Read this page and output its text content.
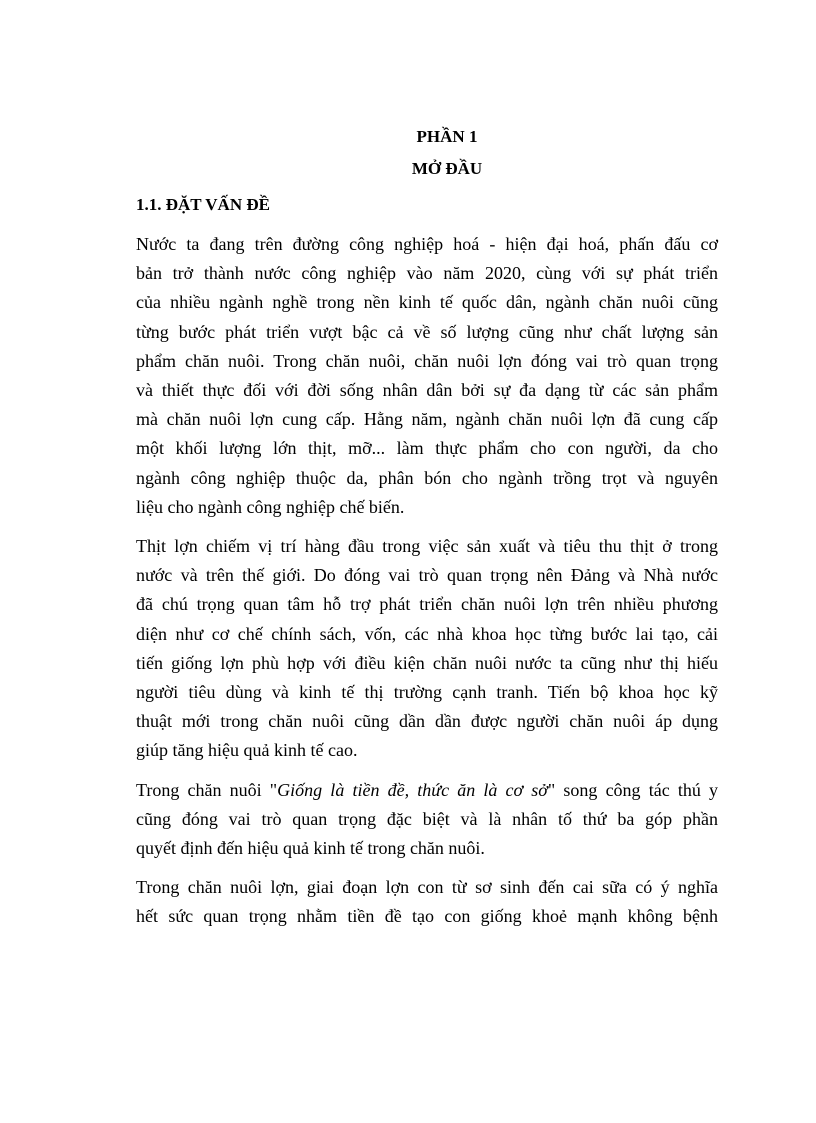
PHẦN 1
MỞ ĐẦU
1.1. ĐẶT VẤN ĐỀ
Nước ta đang trên đường công nghiệp hoá - hiện đại hoá, phấn đấu cơ
bản trở thành nước công nghiệp vào năm 2020, cùng với sự phát triển
của nhiều ngành nghề trong nền kinh tế quốc dân, ngành chăn nuôi cũng
từng bước phát triển vượt bậc cả về số lượng cũng như chất lượng sản
phẩm chăn nuôi. Trong chăn nuôi, chăn nuôi lợn đóng vai trò quan trọng
và thiết thực đối với đời sống nhân dân bởi sự đa dạng từ các sản phẩm
mà chăn nuôi lợn cung cấp. Hằng năm, ngành chăn nuôi lợn đã cung cấp
một khối lượng lớn thịt, mỡ... làm thực phẩm cho con người, da cho
ngành công nghiệp thuộc da, phân bón cho ngành trồng trọt và nguyên
liệu cho ngành công nghiệp chế biến.
Thịt lợn chiếm vị trí hàng đầu trong việc sản xuất và tiêu thu thịt ở trong
nước và trên thế giới. Do đóng vai trò quan trọng nên Đảng và Nhà nước
đã chú trọng quan tâm hỗ trợ phát triển chăn nuôi lợn trên nhiều phương
diện như cơ chế chính sách, vốn, các nhà khoa học từng bước lai tạo, cải
tiến giống lợn phù hợp với điều kiện chăn nuôi nước ta cũng như thị hiếu
người tiêu dùng và kinh tế thị trường cạnh tranh. Tiến bộ khoa học kỹ
thuật mới trong chăn nuôi cũng dần dần được người chăn nuôi áp dụng
giúp tăng hiệu quả kinh tế cao.
Trong chăn nuôi "Giống là tiền đề, thức ăn là cơ sở" song công tác thú y
cũng đóng vai trò quan trọng đặc biệt và là nhân tố thứ ba góp phần
quyết định đến hiệu quả kinh tế trong chăn nuôi.
Trong chăn nuôi lợn, giai đoạn lợn con từ sơ sinh đến cai sữa có ý nghĩa
hết sức quan trọng nhằm tiền đề tạo con giống khoẻ mạnh không bệnh
